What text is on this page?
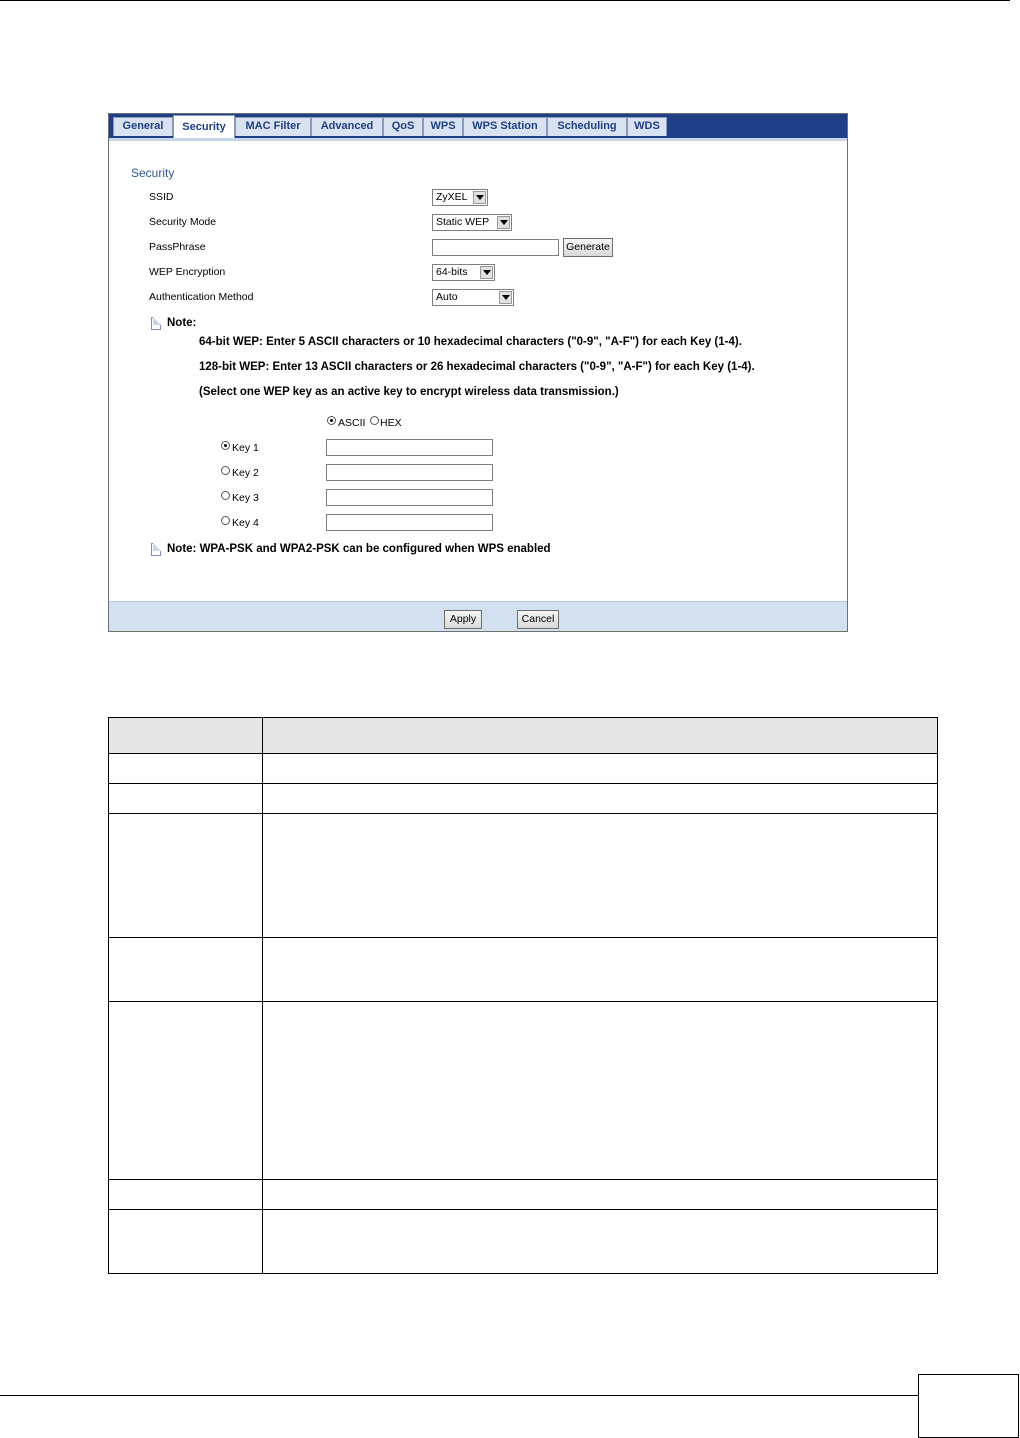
General	Security	MAC Filter	Advanced	QoS	WPS	WPS Station	Scheduling	WDS
Security
SSID	ZyXEL
Security Mode	Static WEP
PassPhrase	Generate
WEP Encryption	64-bits
Authentication Method	Auto
Note:
64-bit WEP: Enter 5 ASCII characters or 10 hexadecimal characters ("0-9", "A-F") for each Key (1-4).
128-bit WEP: Enter 13 ASCII characters or 26 hexadecimal characters ("0-9", "A-F") for each Key (1-4).
(Select one WEP key as an active key to encrypt wireless data transmission.)
ASCII HEX
Key 1
Key 2
Key 3
Key 4
Note: WPA-PSK and WPA2-PSK can be configured when WPS enabled
Apply	Cancel
